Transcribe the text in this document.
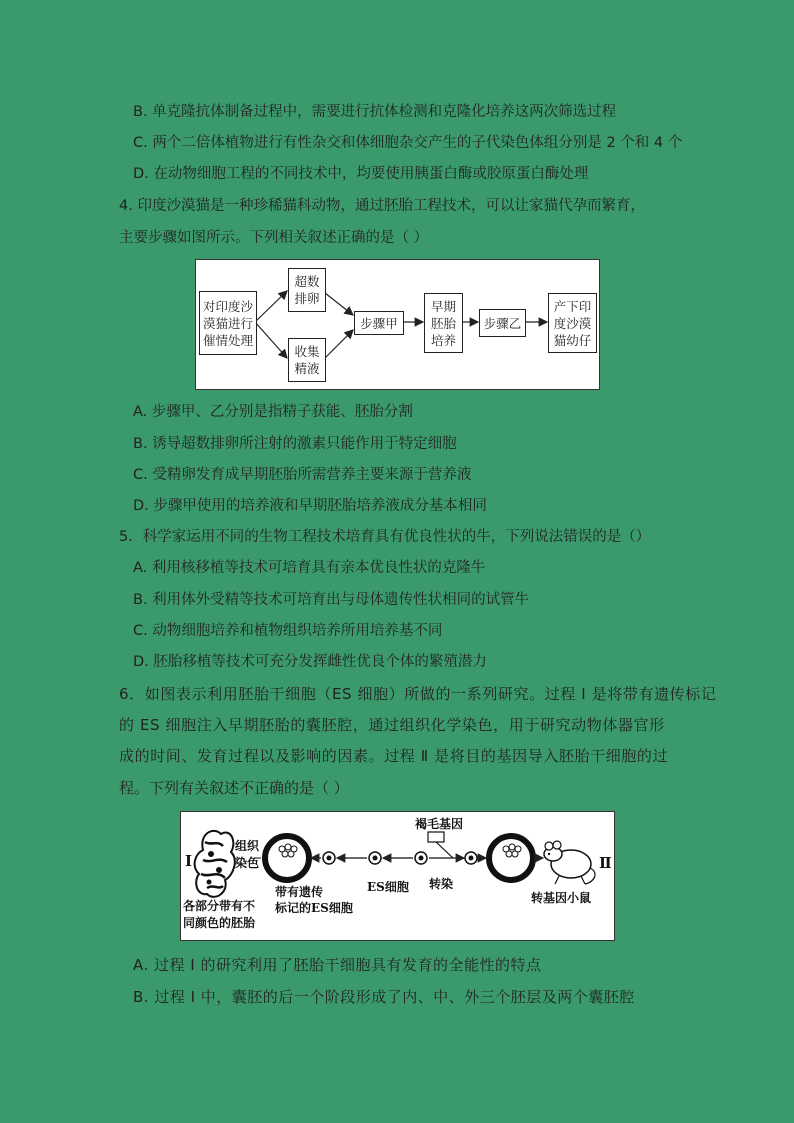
B. 单克隆抗体制备过程中，需要进行抗体检测和克隆化培养这两次筛选过程
C. 两个二倍体植物进行有性杂交和体细胞杂交产生的子代染色体组分别是 2 个和 4 个
D. 在动物细胞工程的不同技术中，均要使用胰蛋白酶或胶原蛋白酶处理
4. 印度沙漠猫是一种珍稀猫科动物，通过胚胎工程技术，可以让家猫代孕而繁育，
主要步骤如图所示。下列相关叙述正确的是（ ）
对印度沙
漠猫进行
催情处理
超数
排卵
收集
精液
步骤甲
早期
胚胎
培养
步骤乙
产下印
度沙漠
猫幼仔
A. 步骤甲、乙分别是指精子获能、胚胎分割
B. 诱导超数排卵所注射的激素只能作用于特定细胞
C. 受精卵发育成早期胚胎所需营养主要来源于营养液
D. 步骤甲使用的培养液和早期胚胎培养液成分基本相同
5．科学家运用不同的生物工程技术培育具有优良性状的牛，下列说法错误的是（）
A. 利用核移植等技术可培育具有亲本优良性状的克隆牛
B. 利用体外受精等技术可培育出与母体遗传性状相同的试管牛
C. 动物细胞培养和植物组织培养所用培养基不同
D. 胚胎移植等技术可充分发挥雌性优良个体的繁殖潜力
6．如图表示利用胚胎干细胞（ES 细胞）所做的一系列研究。过程 Ⅰ 是将带有遗传标记
的 ES 细胞注入早期胚胎的囊胚腔，通过组织化学染色，用于研究动物体器官形
成的时间、发育过程以及影响的因素。过程 Ⅱ 是将目的基因导入胚胎干细胞的过
程。下列有关叙述不正确的是（ ）
Ⅰ	Ⅱ
组织
染色
各部分带有不
同颜色的胚胎
褐毛基因
带有遗传
标记的ES细胞
ES细胞 转染
转基因小鼠
A. 过程 Ⅰ 的研究利用了胚胎干细胞具有发育的全能性的特点
B. 过程 Ⅰ 中，囊胚的后一个阶段形成了内、中、外三个胚层及两个囊胚腔
